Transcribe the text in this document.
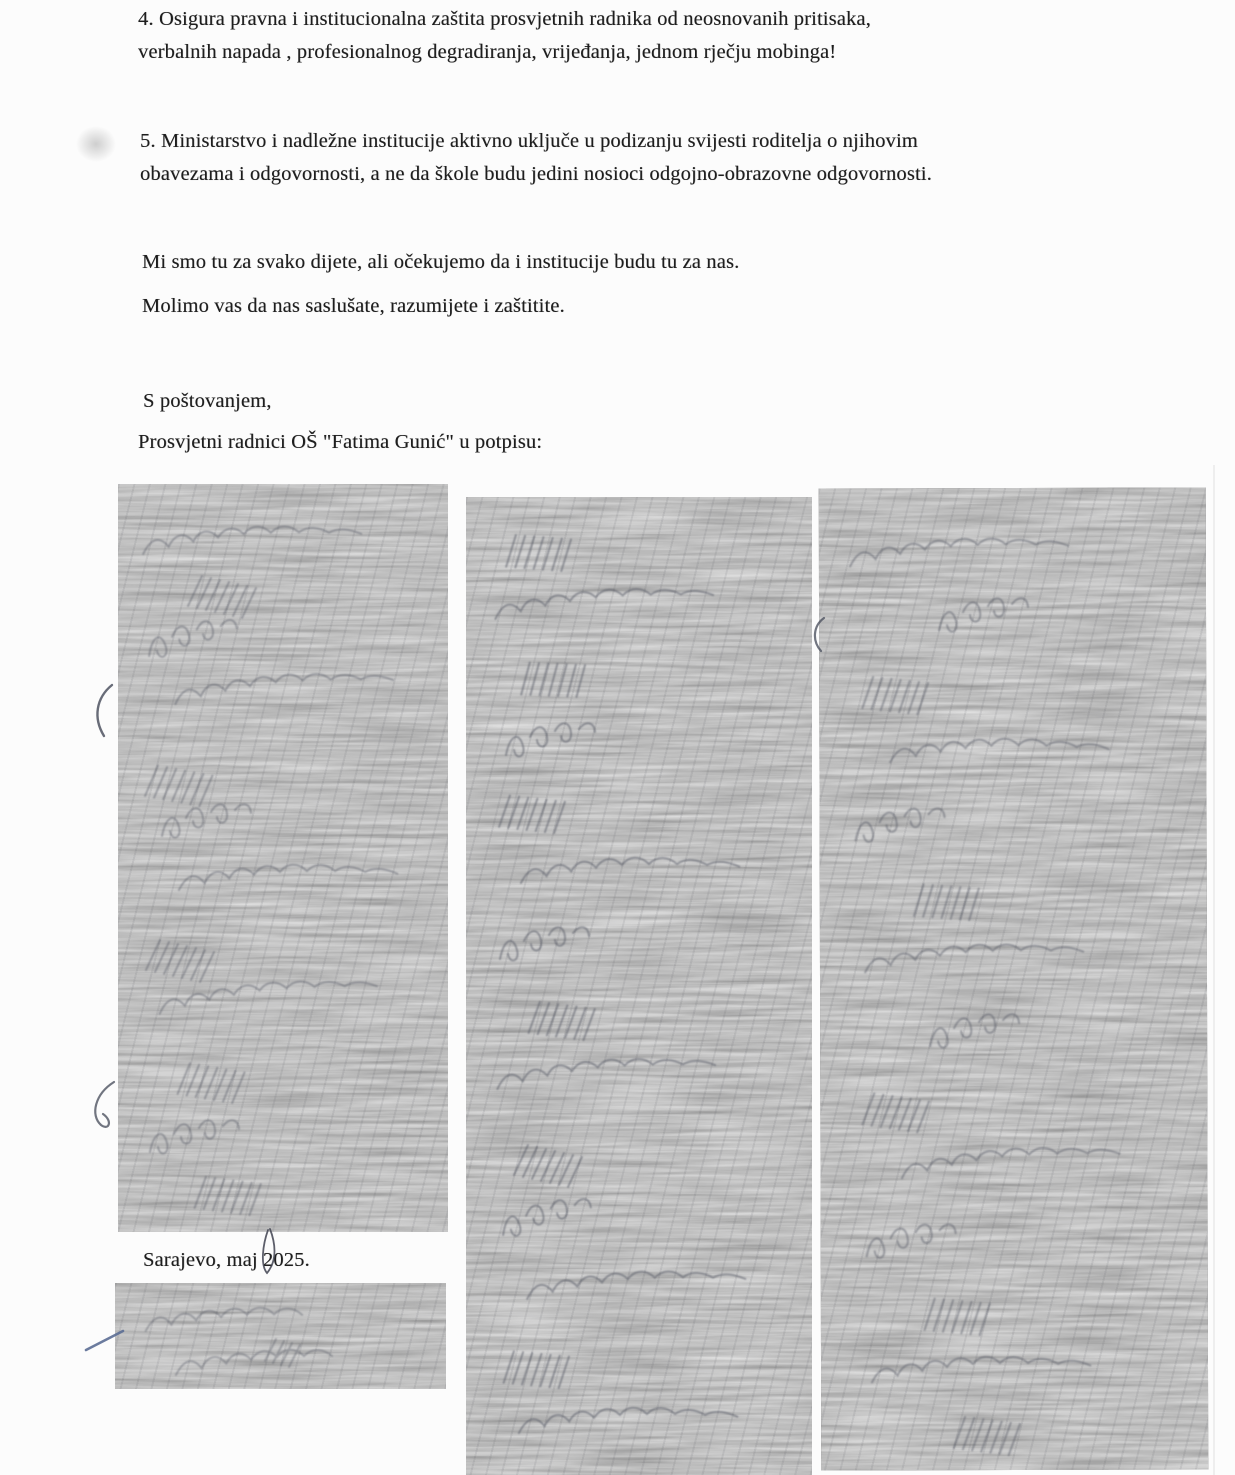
4. Osigura pravna i institucionalna zaštita prosvjetnih radnika od neosnovanih pritisaka,
verbalnih napada , profesionalnog degradiranja, vrijeđanja, jednom rječju mobinga!
5. Ministarstvo i nadležne institucije aktivno uključe u podizanju svijesti roditelja o njihovim
obavezama i odgovornosti, a ne da škole budu jedini nosioci odgojno-obrazovne odgovornosti.
Mi smo tu za svako dijete, ali očekujemo da i institucije budu tu za nas.
Molimo vas da nas saslušate, razumijete i zaštitite.
S poštovanjem,
Prosvjetni radnici OŠ "Fatima Gunić" u potpisu:
Sarajevo, maj 2025.
